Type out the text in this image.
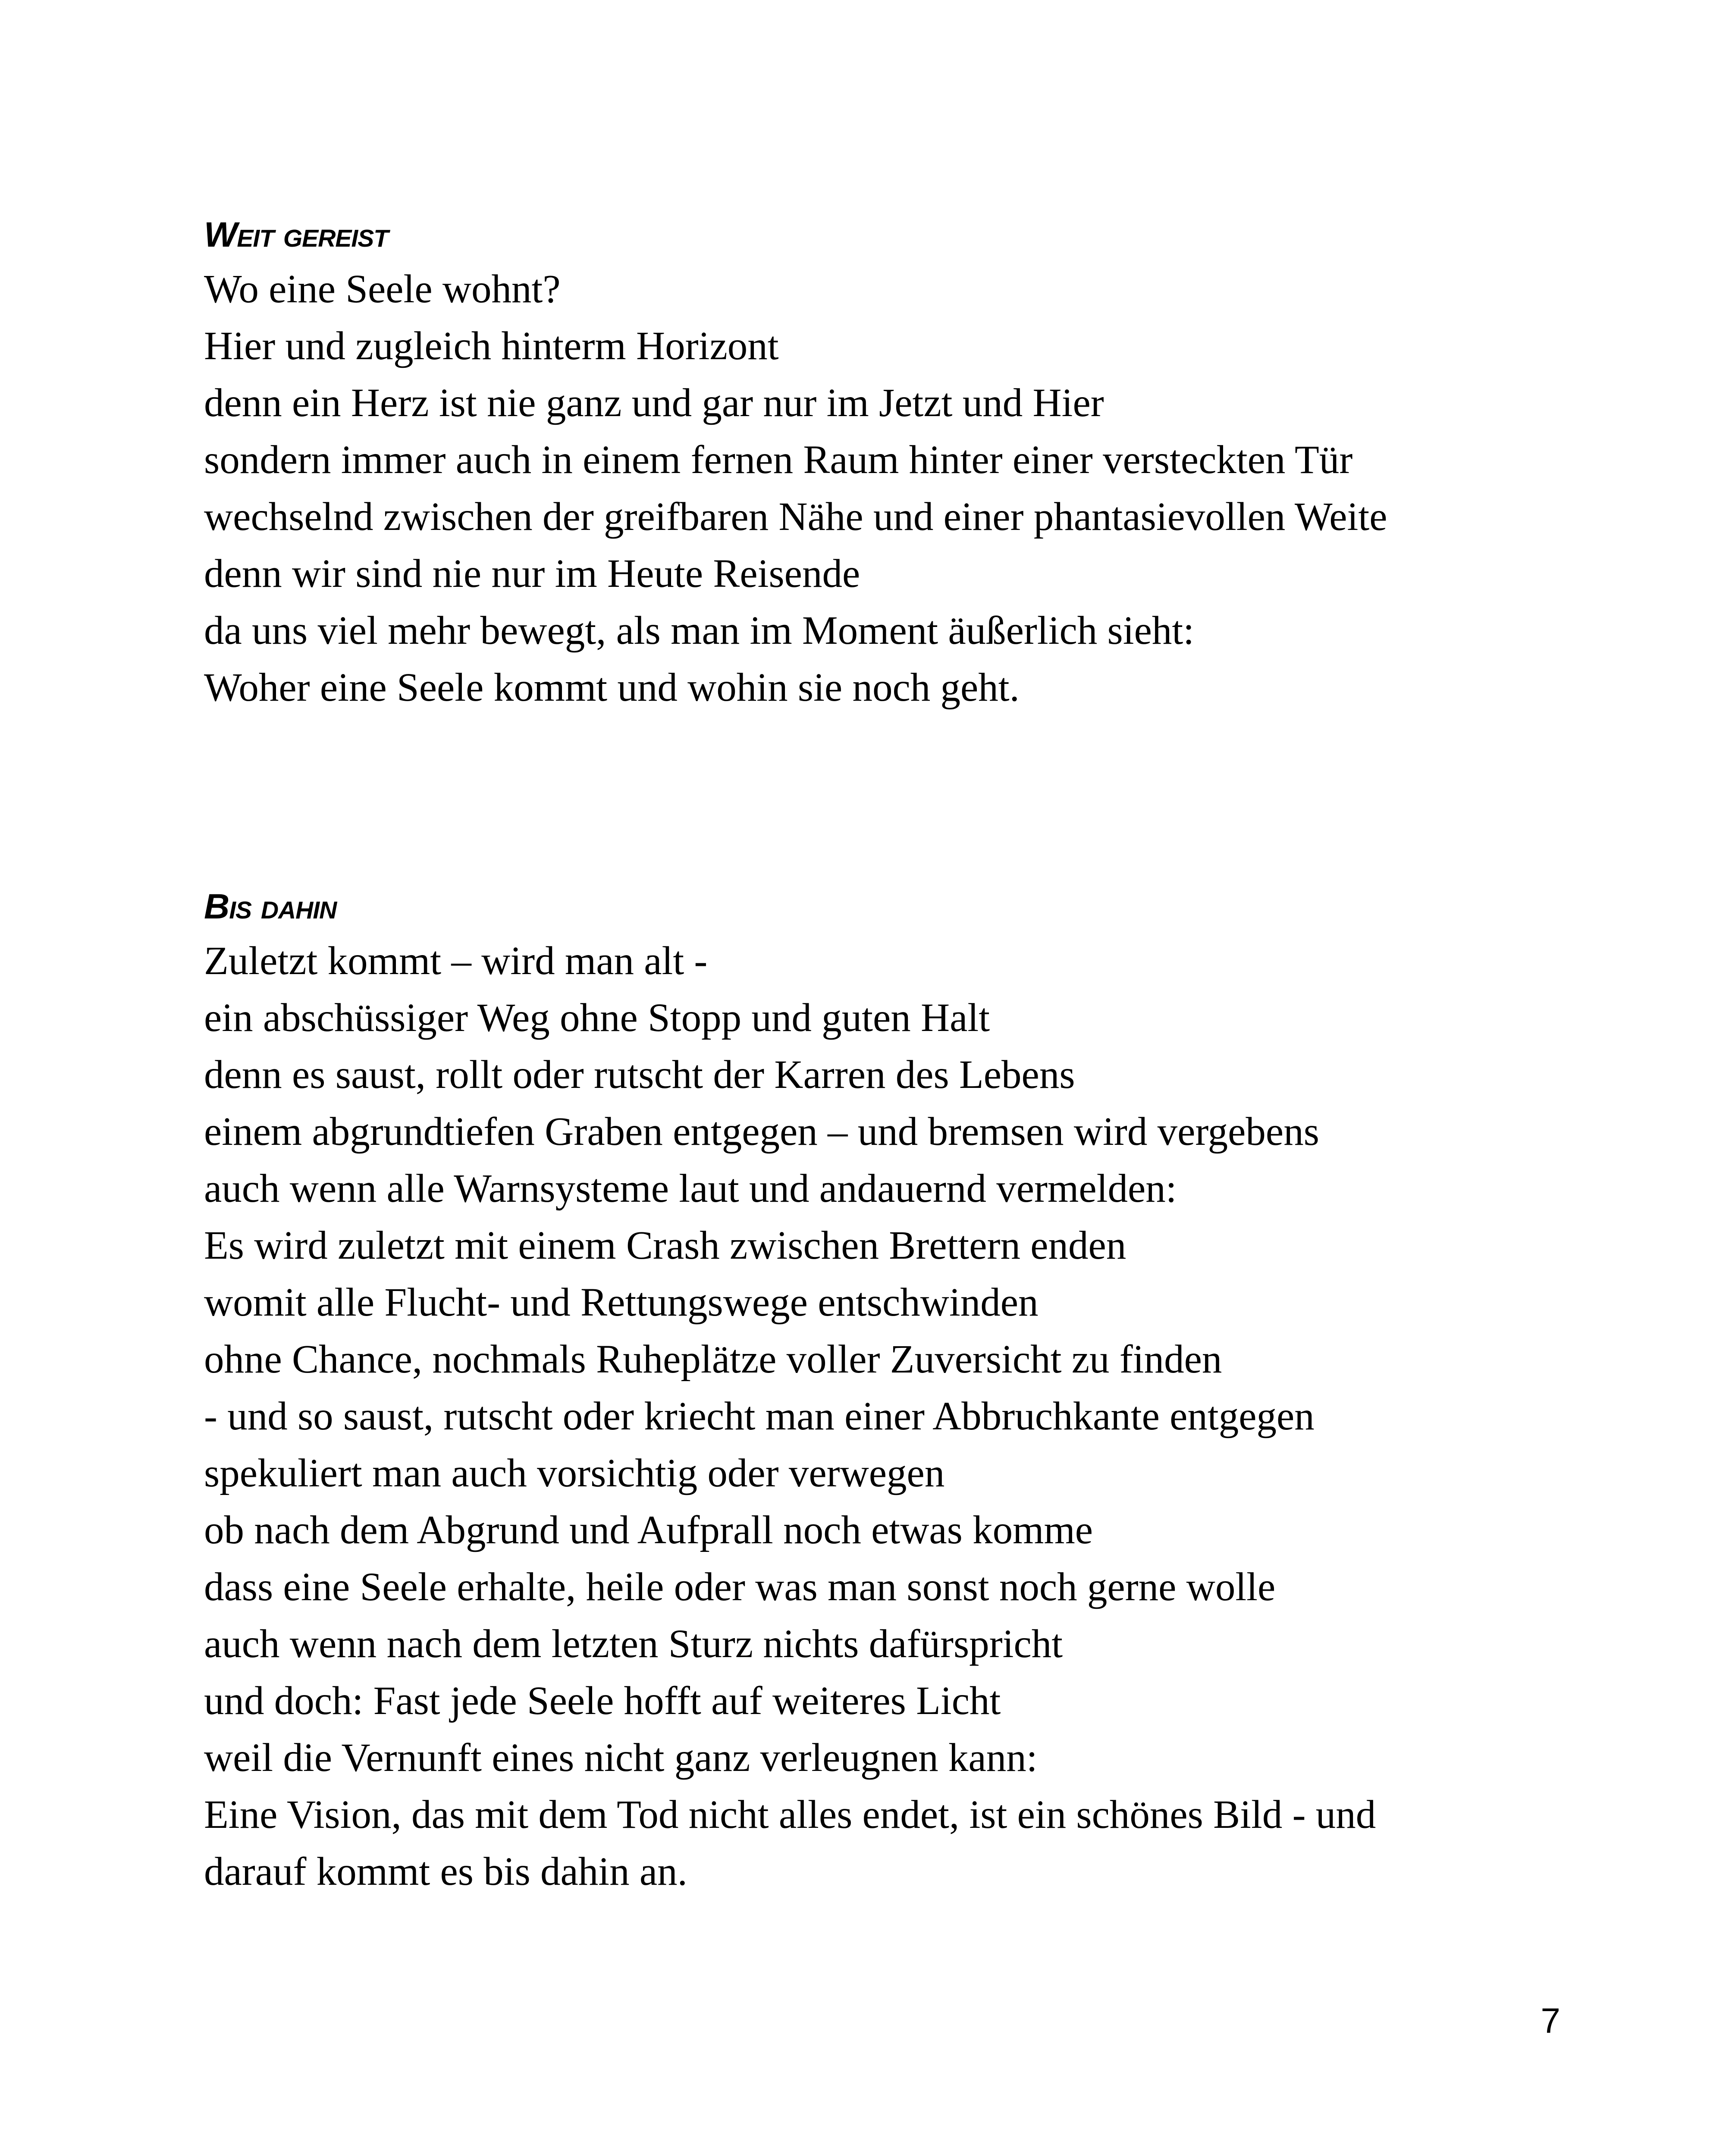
Weit gereist
Wo eine Seele wohnt?
Hier und zugleich hinterm Horizont
denn ein Herz ist nie ganz und gar nur im Jetzt und Hier
sondern immer auch in einem fernen Raum hinter einer versteckten Tür
wechselnd zwischen der greifbaren Nähe und einer phantasievollen Weite
denn wir sind nie nur im Heute Reisende
da uns viel mehr bewegt, als man im Moment äußerlich sieht:
Woher eine Seele kommt und wohin sie noch geht.
Bis dahin
Zuletzt kommt – wird man alt -
ein abschüssiger Weg ohne Stopp und guten Halt
denn es saust, rollt oder rutscht der Karren des Lebens
einem abgrundtiefen Graben entgegen – und bremsen wird vergebens
auch wenn alle Warnsysteme laut und andauernd vermelden:
Es wird zuletzt mit einem Crash zwischen Brettern enden
womit alle Flucht- und Rettungswege entschwinden
ohne Chance, nochmals Ruheplätze voller Zuversicht zu finden
- und so saust, rutscht oder kriecht man einer Abbruchkante entgegen
spekuliert man auch vorsichtig oder verwegen
ob nach dem Abgrund und Aufprall noch etwas komme
dass eine Seele erhalte, heile oder was man sonst noch gerne wolle
auch wenn nach dem letzten Sturz nichts dafürspricht
und doch: Fast jede Seele hofft auf weiteres Licht
weil die Vernunft eines nicht ganz verleugnen kann:
Eine Vision, das mit dem Tod nicht alles endet, ist ein schönes Bild - und
darauf kommt es bis dahin an.
7
